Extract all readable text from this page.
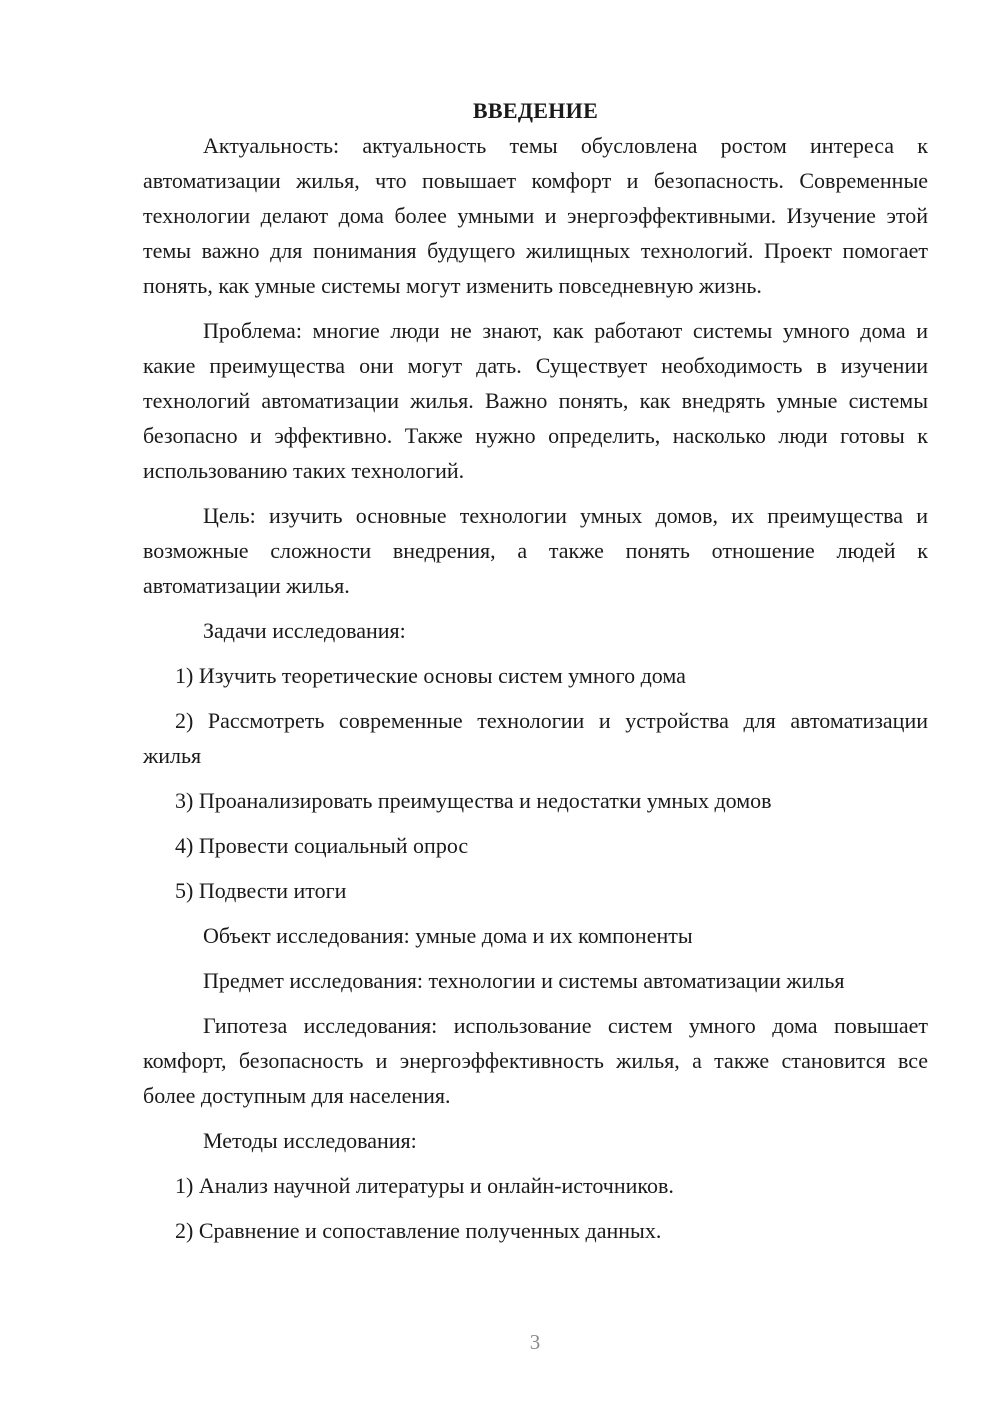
ВВЕДЕНИЕ

Актуальность: актуальность темы обусловлена ростом интереса к автоматизации жилья, что повышает комфорт и безопасность. Современные технологии делают дома более умными и энергоэффективными. Изучение этой темы важно для понимания будущего жилищных технологий. Проект помогает понять, как умные системы могут изменить повседневную жизнь.

Проблема: многие люди не знают, как работают системы умного дома и какие преимущества они могут дать. Существует необходимость в изучении технологий автоматизации жилья. Важно понять, как внедрять умные системы безопасно и эффективно. Также нужно определить, насколько люди готовы к использованию таких технологий.

Цель: изучить основные технологии умных домов, их преимущества и возможные сложности внедрения, а также понять отношение людей к автоматизации жилья.

Задачи исследования:

1) Изучить теоретические основы систем умного дома

2) Рассмотреть современные технологии и устройства для автоматизации жилья

3) Проанализировать преимущества и недостатки умных домов

4) Провести социальный опрос

5) Подвести итоги

Объект исследования: умные дома и их компоненты

Предмет исследования: технологии и системы автоматизации жилья

Гипотеза исследования: использование систем умного дома повышает комфорт, безопасность и энергоэффективность жилья, а также становится все более доступным для населения.

Методы исследования:

1) Анализ научной литературы и онлайн-источников.

2) Сравнение и сопоставление полученных данных.

3
